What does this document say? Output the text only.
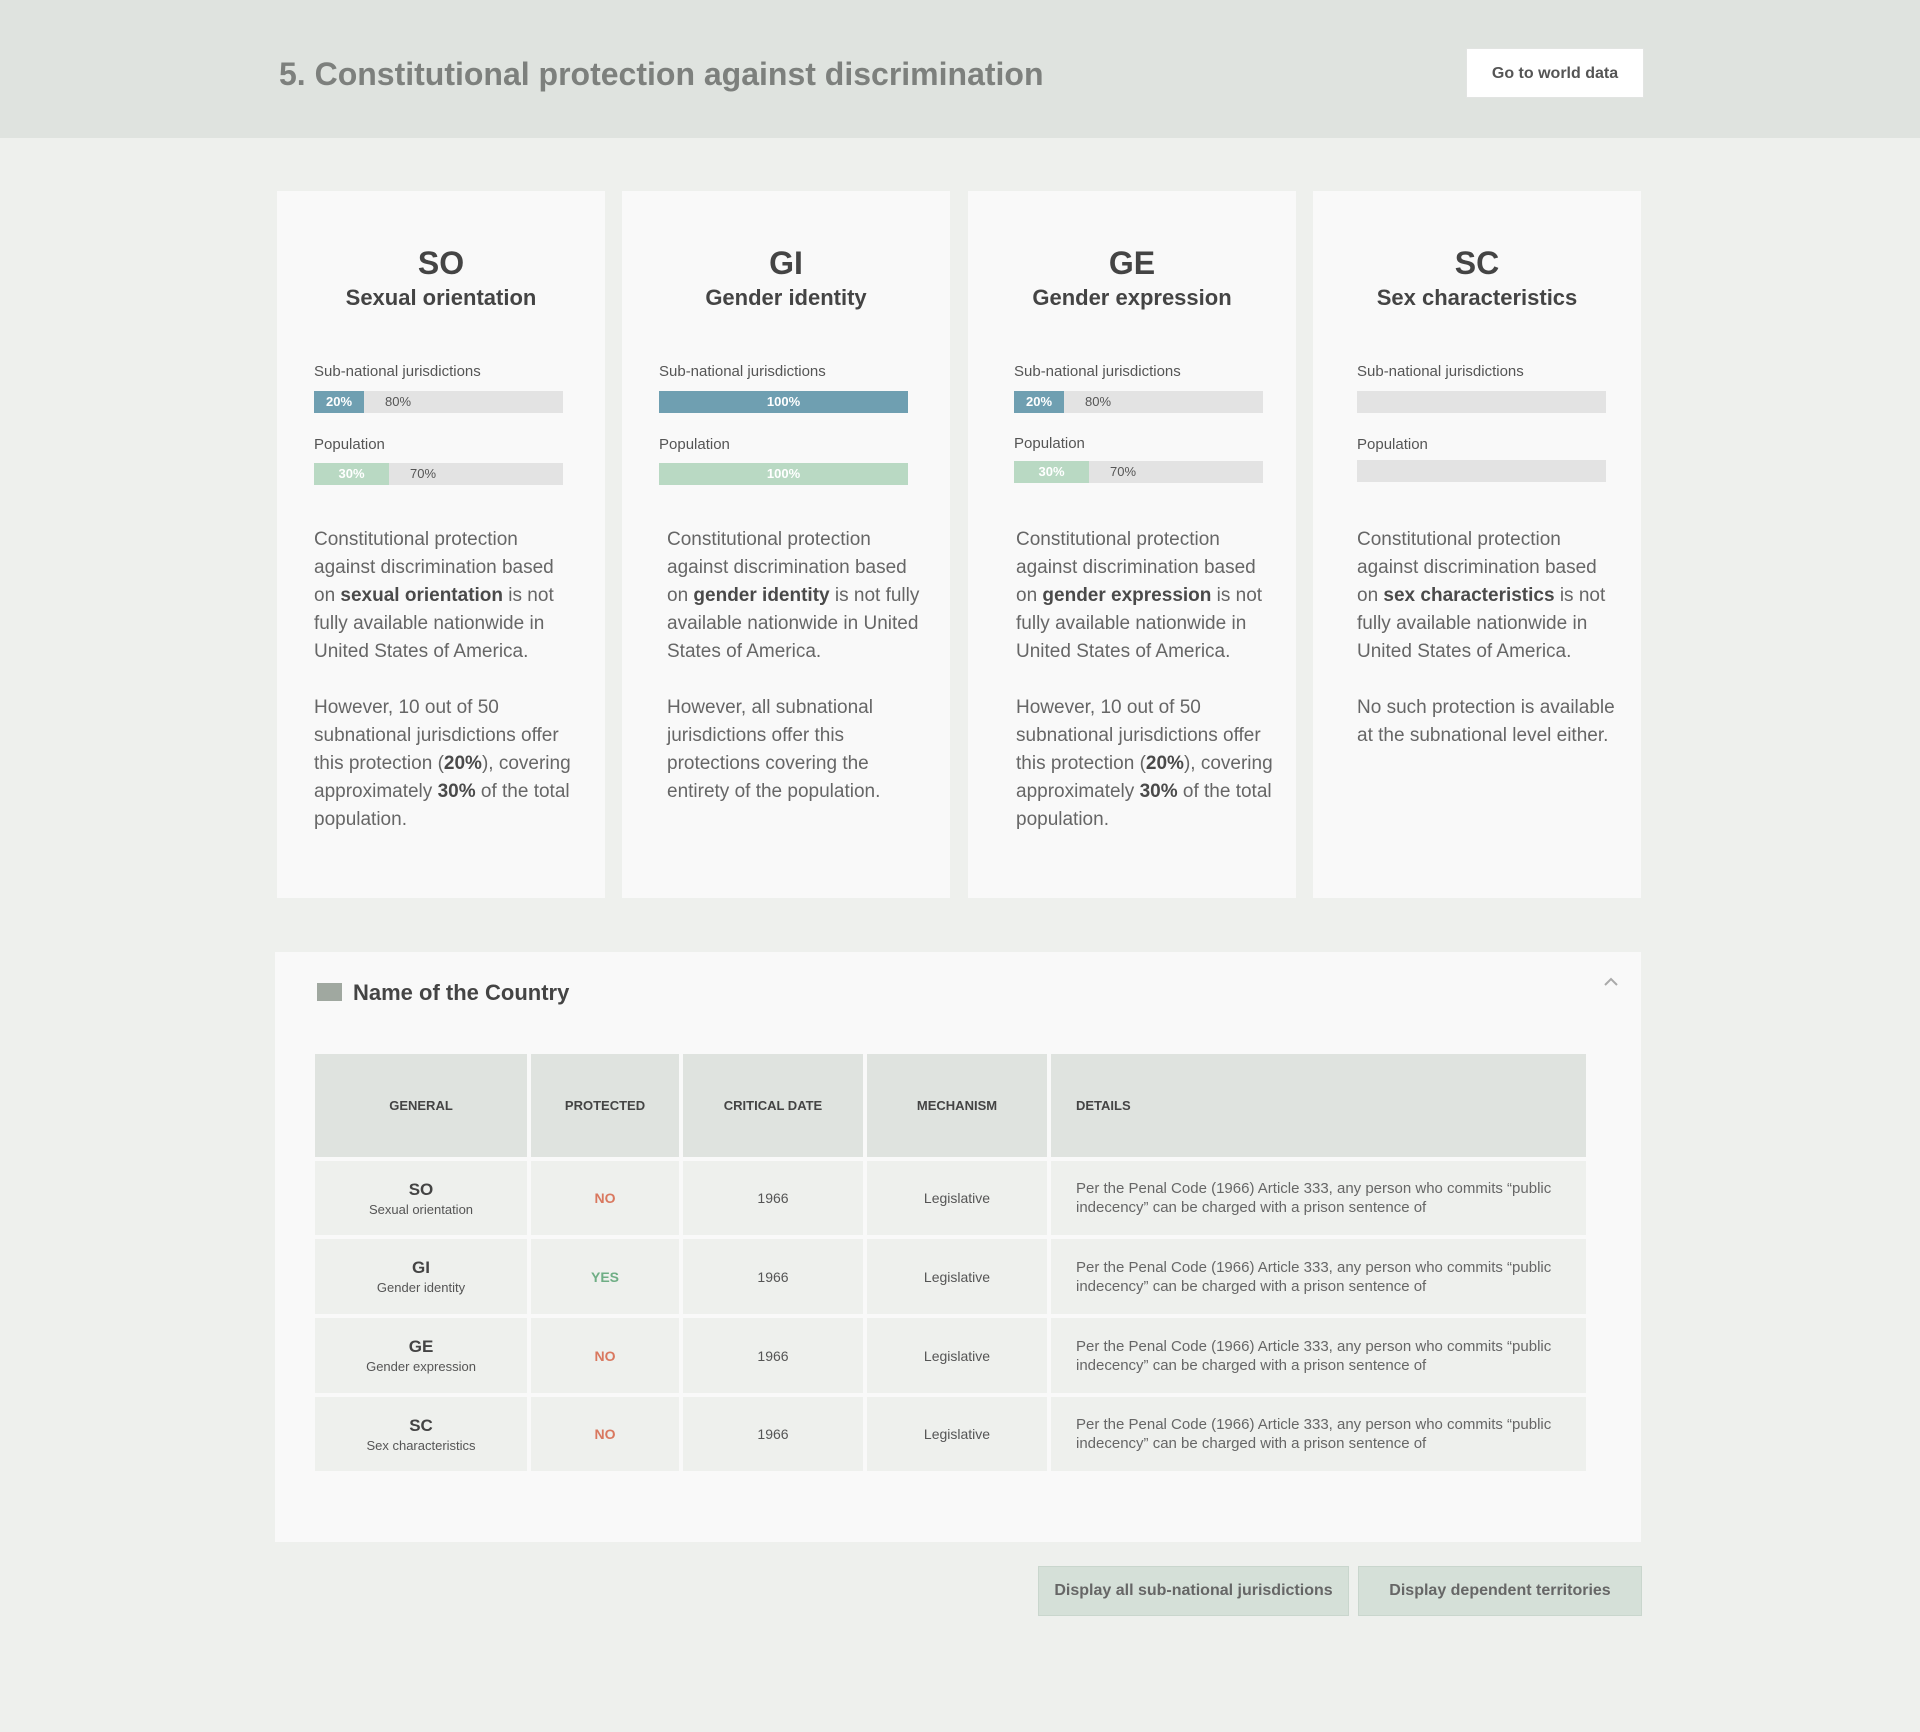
5. Constitutional protection against discrimination	Go to world data
SO
Sexual orientation
Sub-national jurisdictions
20%	80%
Population
30%	70%

Constitutional protection against discrimination based on sexual orientation is not fully available nationwide in United States of America.

However, 10 out of 50 subnational jurisdictions offer this protection (20%), covering approximately 30% of the total population.

GI
Gender identity
Sub-national jurisdictions
100%
Population
100%

Constitutional protection against discrimination based on gender identity is not fully available nationwide in United States of America.

However, all subnational jurisdictions offer this protections covering the entirety of the population.

GE
Gender expression
Sub-national jurisdictions
20%	80%
Population
30%	70%

Constitutional protection against discrimination based on gender expression is not fully available nationwide in United States of America.

However, 10 out of 50 subnational jurisdictions offer this protection (20%), covering approximately 30% of the total population.

SC
Sex characteristics
Sub-national jurisdictions
Population

Constitutional protection against discrimination based on sex characteristics is not fully available nationwide in United States of America.

No such protection is available at the subnational level either.

Name of the Country
GENERAL	PROTECTED	CRITICAL DATE	MECHANISM	DETAILS

SO
Sexual orientation	NO	1966	Legislative	Per the Penal Code (1966) Article 333, any person who commits “public indecency” can be charged with a prison sentence of

GI
Gender identity	YES	1966	Legislative	Per the Penal Code (1966) Article 333, any person who commits “public indecency” can be charged with a prison sentence of

GE
Gender expression	NO	1966	Legislative	Per the Penal Code (1966) Article 333, any person who commits “public indecency” can be charged with a prison sentence of

SC
Sex characteristics	NO	1966	Legislative	Per the Penal Code (1966) Article 333, any person who commits “public indecency” can be charged with a prison sentence of
Display all sub-national jurisdictions	Display dependent territories
